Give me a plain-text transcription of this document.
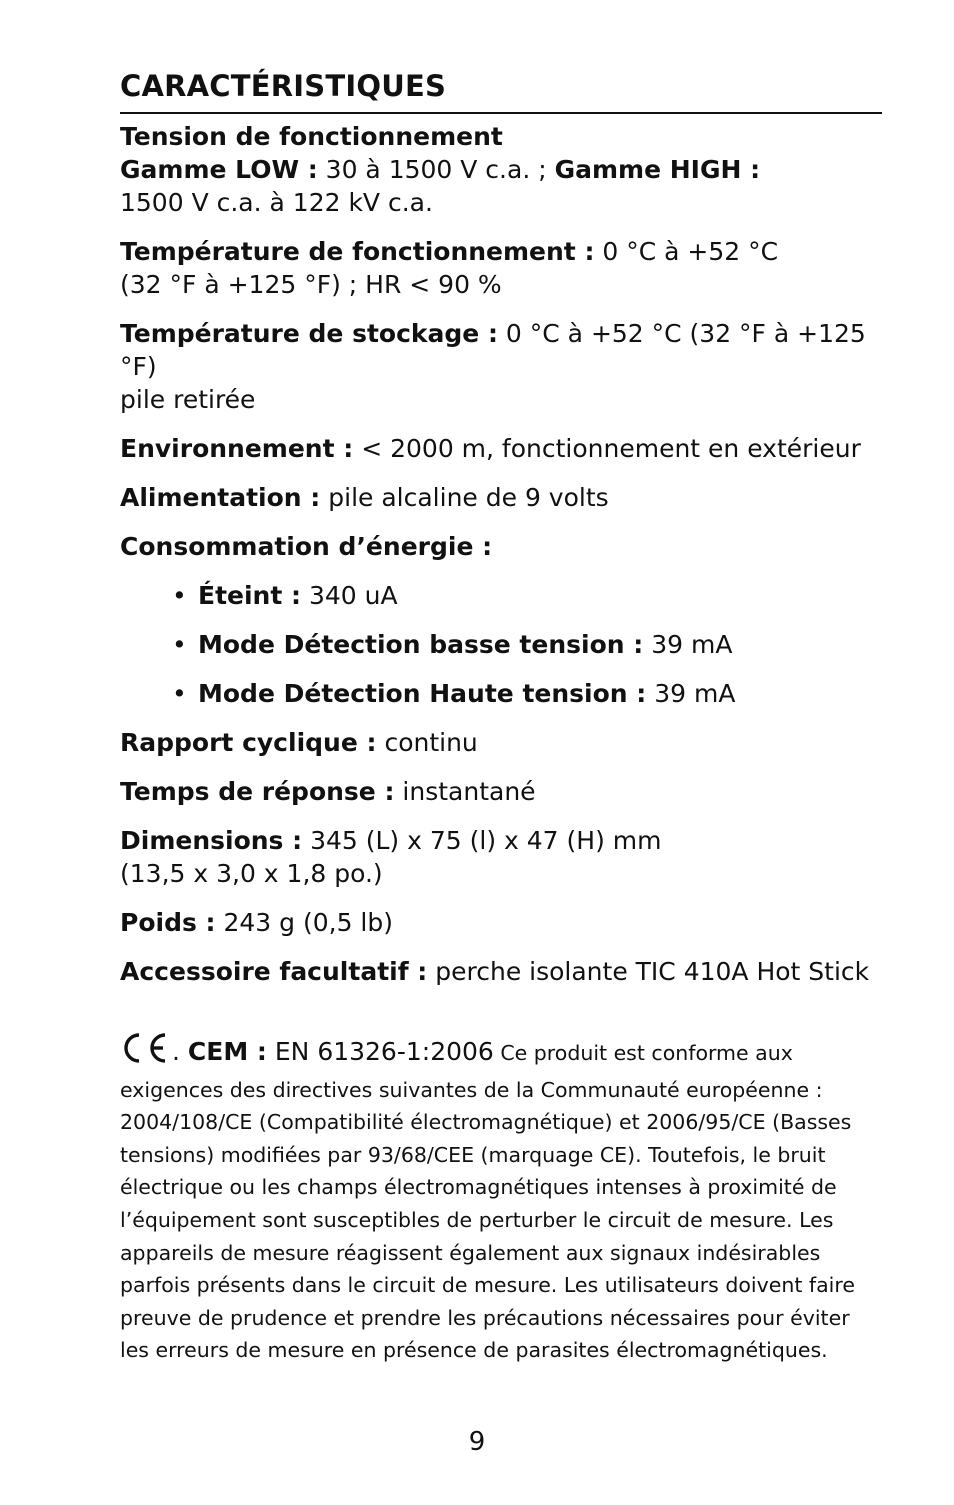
CARACTÉRISTIQUES

Tension de fonctionnement
Gamme LOW : 30 à 1500 V c.a. ; Gamme HIGH :
1500 V c.a. à 122 kV c.a.

Température de fonctionnement : 0 °C à +52 °C
(32 °F à +125 °F) ; HR < 90 %

Température de stockage : 0 °C à +52 °C (32 °F à +125 °F)
pile retirée

Environnement : < 2000 m, fonctionnement en extérieur

Alimentation : pile alcaline de 9 volts

Consommation d’énergie :

• Éteint : 340 uA
• Mode Détection basse tension : 39 mA
• Mode Détection Haute tension : 39 mA

Rapport cyclique : continu

Temps de réponse : instantané

Dimensions : 345 (L) x 75 (l) x 47 (H) mm
(13,5 x 3,0 x 1,8 po.)

Poids : 243 g (0,5 lb)

Accessoire facultatif : perche isolante TIC 410A Hot Stick

. CEM : EN 61326-1:2006 Ce produit est conforme aux exigences des directives suivantes de la Communauté européenne : 2004/108/CE (Compatibilité électromagnétique) et 2006/95/CE (Basses tensions) modifiées par 93/68/CEE (marquage CE). Toutefois, le bruit électrique ou les champs électromagnétiques intenses à proximité de l’équipement sont susceptibles de perturber le circuit de mesure. Les appareils de mesure réagissent également aux signaux indésirables parfois présents dans le circuit de mesure. Les utilisateurs doivent faire preuve de prudence et prendre les précautions nécessaires pour éviter les erreurs de mesure en présence de parasites électromagnétiques.

9
